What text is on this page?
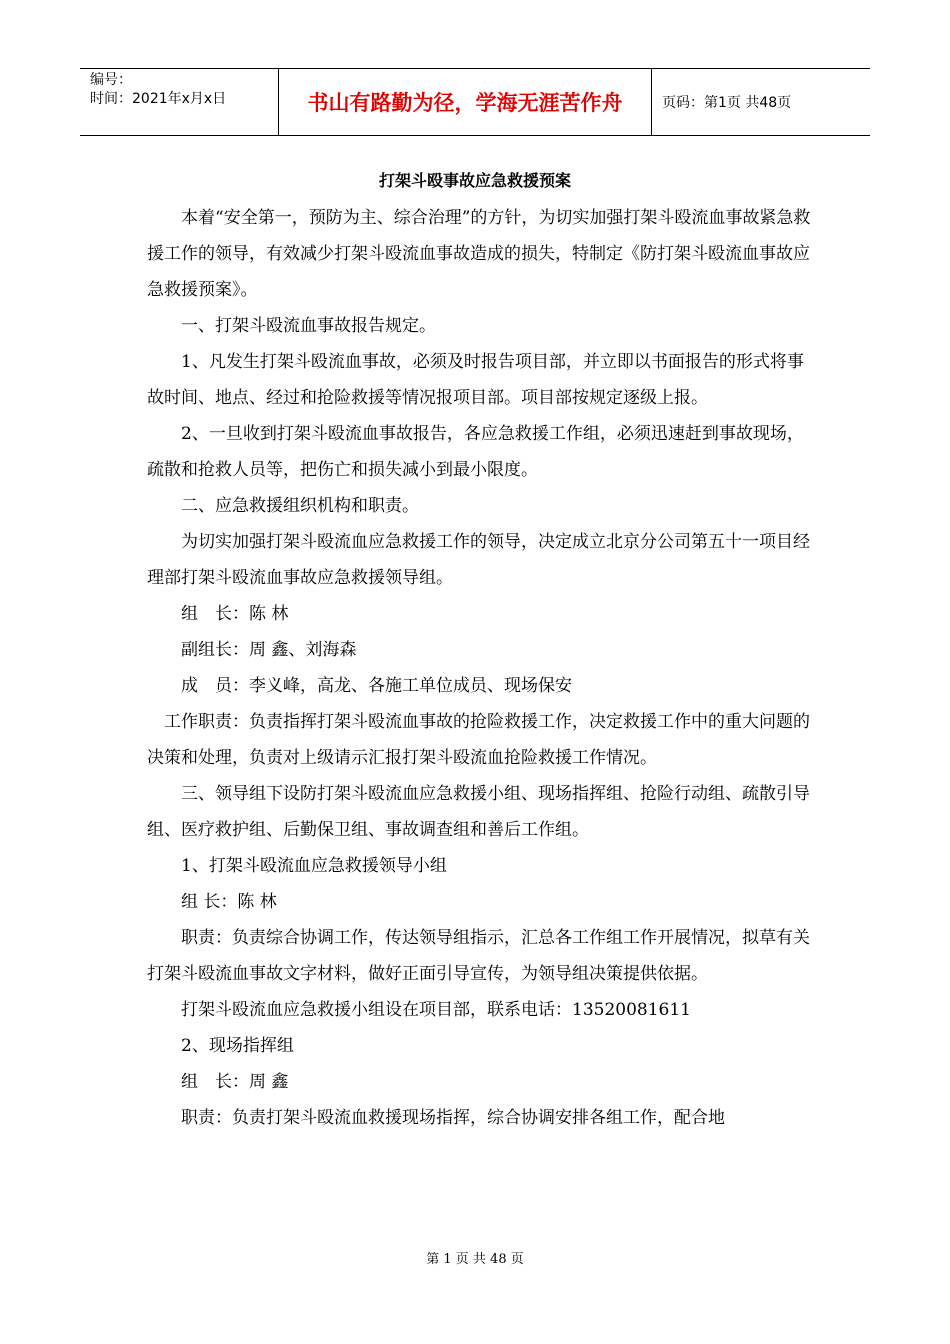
编号：
时间：2021年x月x日	书山有路勤为径，学海无涯苦作舟	页码：第1页 共48页
打架斗殴事故应急救援预案

　　本着“安全第一，预防为主、综合治理”的方针，为切实加强打架斗殴流血事故紧急救援工作的领导，有效减少打架斗殴流血事故造成的损失，特制定《防打架斗殴流血事故应急救援预案》。

　　一、打架斗殴流血事故报告规定。

　　1、凡发生打架斗殴流血事故，必须及时报告项目部，并立即以书面报告的形式将事故时间、地点、经过和抢险救援等情况报项目部。项目部按规定逐级上报。

　　2、一旦收到打架斗殴流血事故报告，各应急救援工作组，必须迅速赶到事故现场，疏散和抢救人员等，把伤亡和损失减小到最小限度。

　　二、应急救援组织机构和职责。

　　为切实加强打架斗殴流血应急救援工作的领导，决定成立北京分公司第五十一项目经理部打架斗殴流血事故应急救援领导组。

　　组　长：陈 林

　　副组长：周 鑫、刘海森

　　成　员：李义峰，高龙、各施工单位成员、现场保安

　工作职责：负责指挥打架斗殴流血事故的抢险救援工作，决定救援工作中的重大问题的决策和处理，负责对上级请示汇报打架斗殴流血抢险救援工作情况。

　　三、领导组下设防打架斗殴流血应急救援小组、现场指挥组、抢险行动组、疏散引导组、医疗救护组、后勤保卫组、事故调查组和善后工作组。

　　1、打架斗殴流血应急救援领导小组

　　组 长：陈 林

　　职责：负责综合协调工作，传达领导组指示，汇总各工作组工作开展情况，拟草有关打架斗殴流血事故文字材料，做好正面引导宣传，为领导组决策提供依据。

　　打架斗殴流血应急救援小组设在项目部，联系电话：13520081611

　　2、现场指挥组

　　组　长：周 鑫

　　职责：负责打架斗殴流血救援现场指挥，综合协调安排各组工作，配合地

第 1 页 共 48 页
